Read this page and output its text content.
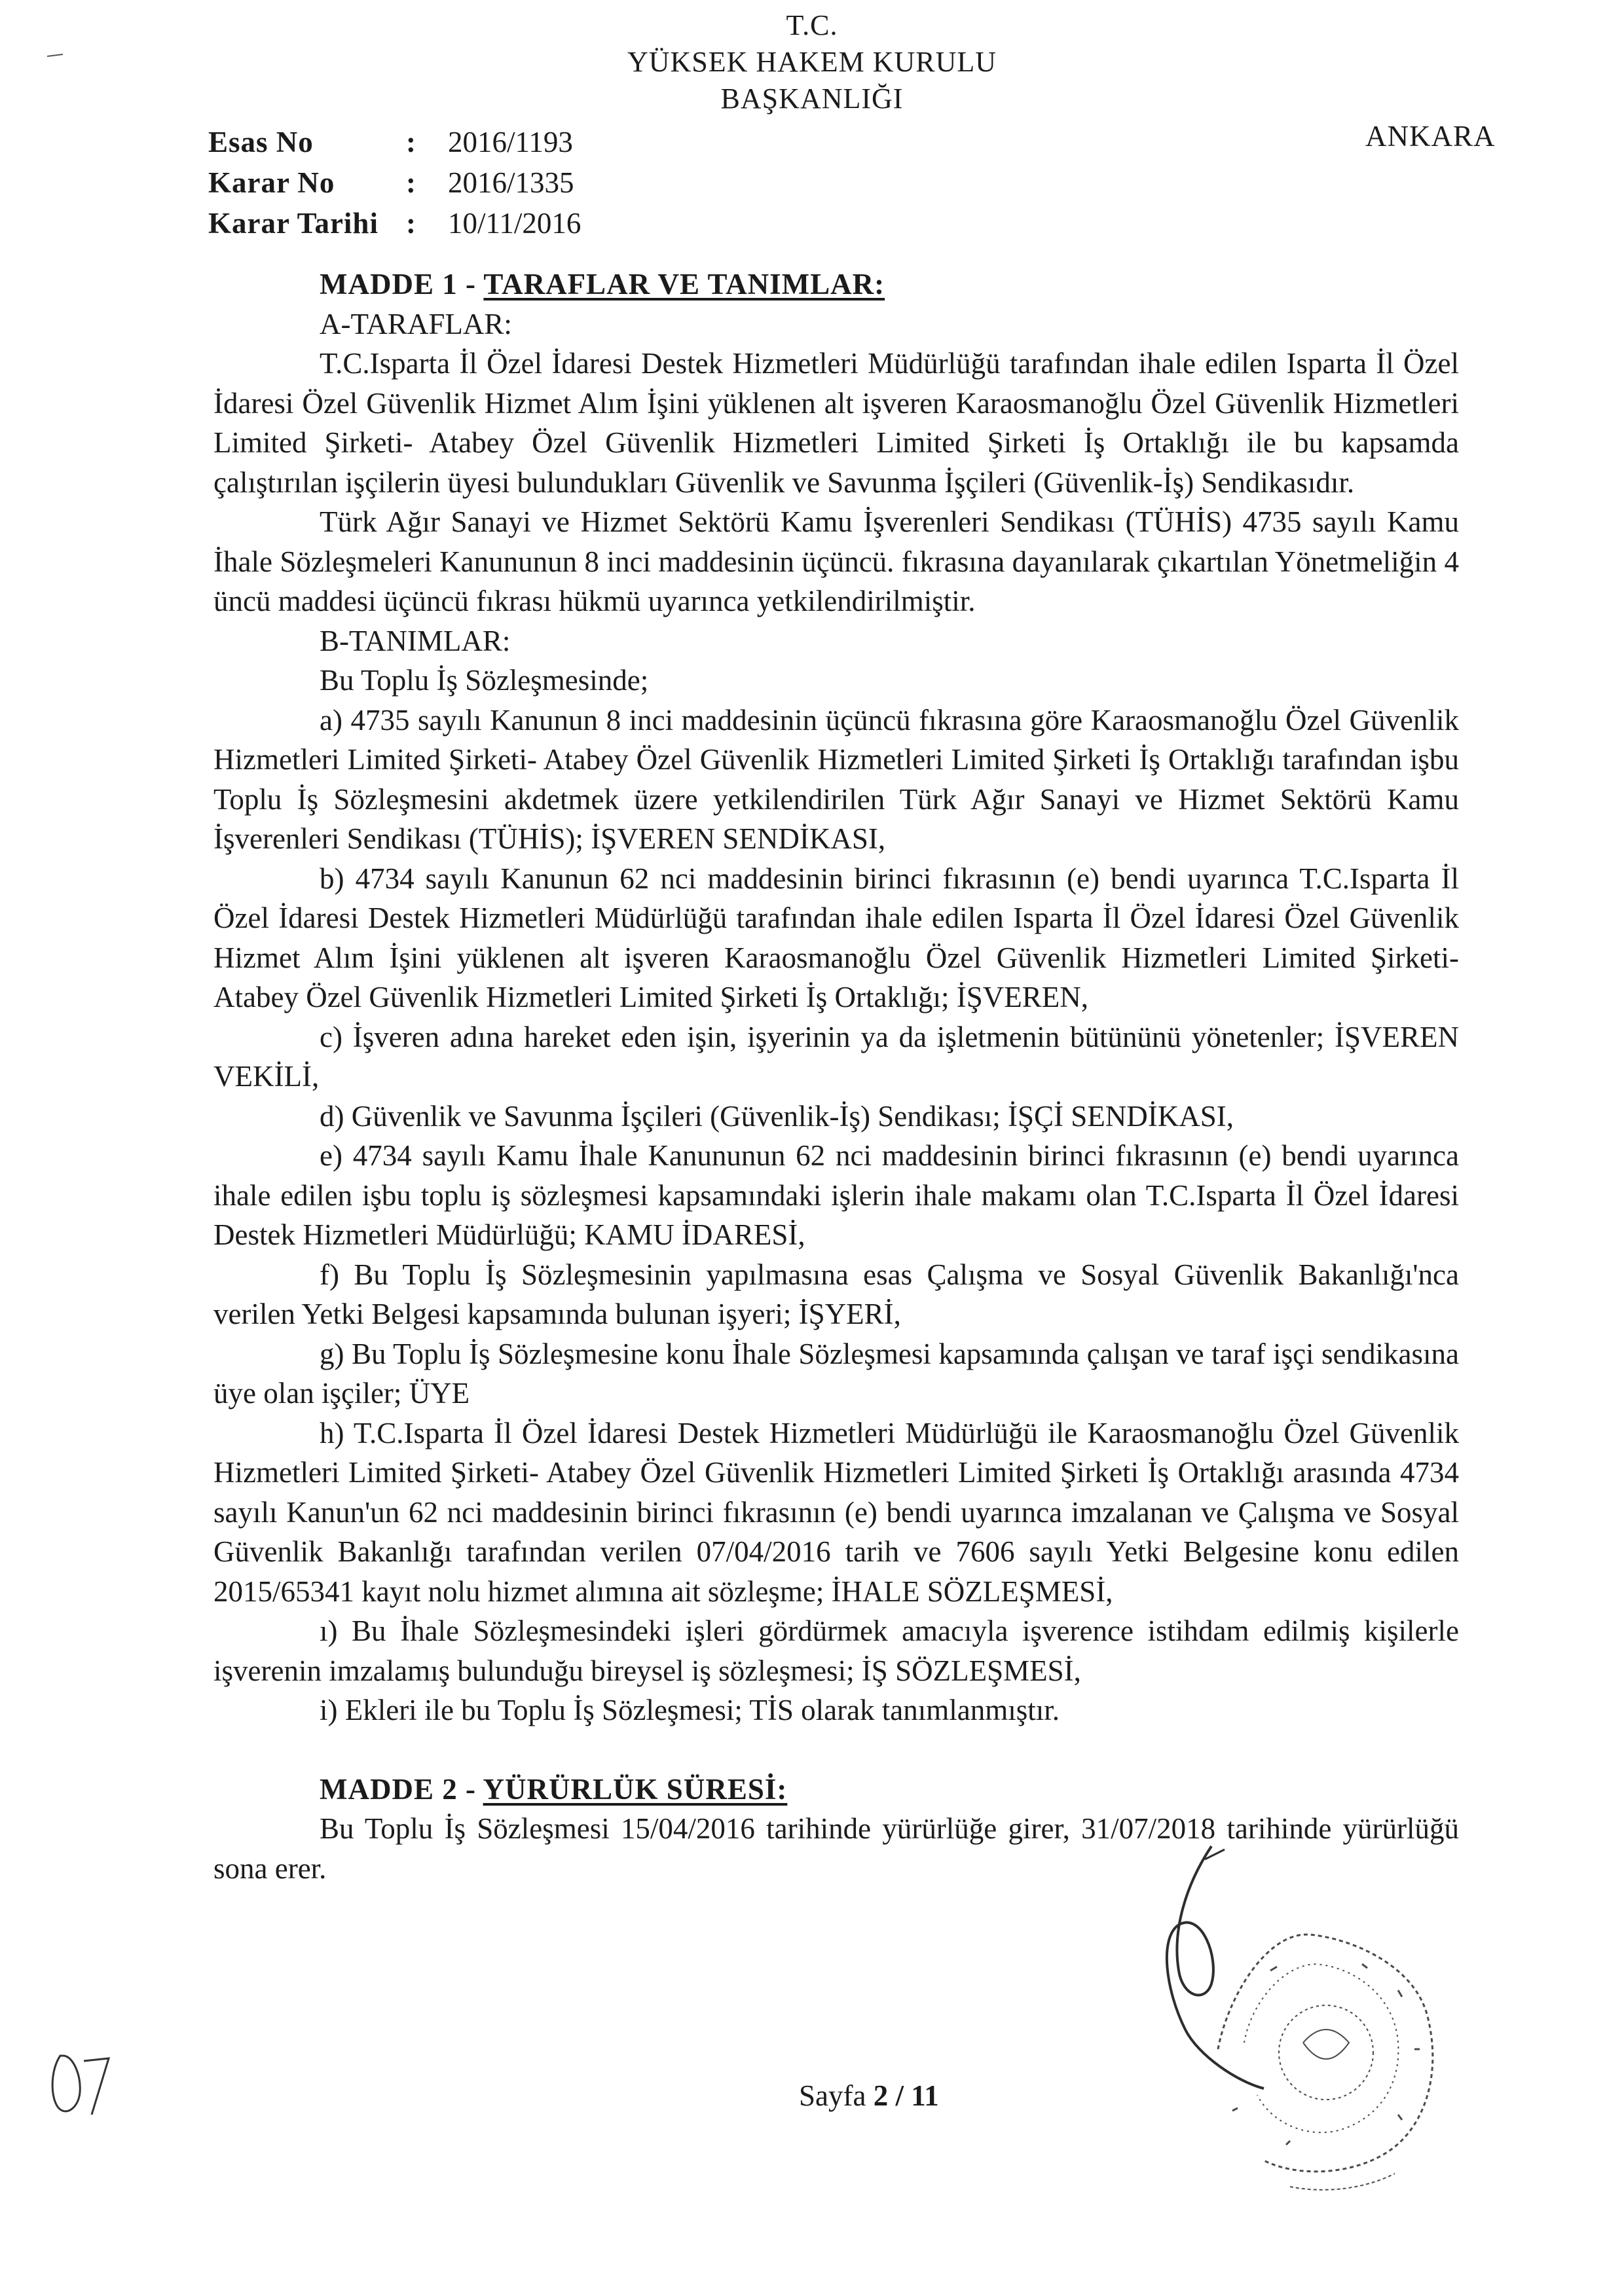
T.C.
YÜKSEK HAKEM KURULU
BAŞKANLIĞI
ANKARA
Esas No	: 2016/1193
Karar No : 2016/1335
Karar Tarihi : 10/11/2016

MADDE 1 - TARAFLAR VE TANIMLAR:

A-TARAFLAR:

T.C.Isparta İl Özel İdaresi Destek Hizmetleri Müdürlüğü tarafından ihale edilen Isparta İl Özel İdaresi Özel Güvenlik Hizmet Alım İşini yüklenen alt işveren Karaosmanoğlu Özel Güvenlik Hizmetleri Limited Şirketi- Atabey Özel Güvenlik Hizmetleri Limited Şirketi İş Ortaklığı ile bu kapsamda çalıştırılan işçilerin üyesi bulundukları Güvenlik ve Savunma İşçileri (Güvenlik-İş) Sendikasıdır.

Türk Ağır Sanayi ve Hizmet Sektörü Kamu İşverenleri Sendikası (TÜHİS) 4735 sayılı Kamu İhale Sözleşmeleri Kanununun 8 inci maddesinin üçüncü. fıkrasına dayanılarak çıkartılan Yönetmeliğin 4 üncü maddesi üçüncü fıkrası hükmü uyarınca yetkilendirilmiştir.

B-TANIMLAR:

Bu Toplu İş Sözleşmesinde;

a) 4735 sayılı Kanunun 8 inci maddesinin üçüncü fıkrasına göre Karaosmanoğlu Özel Güvenlik Hizmetleri Limited Şirketi- Atabey Özel Güvenlik Hizmetleri Limited Şirketi İş Ortaklığı tarafından işbu Toplu İş Sözleşmesini akdetmek üzere yetkilendirilen Türk Ağır Sanayi ve Hizmet Sektörü Kamu İşverenleri Sendikası (TÜHİS); İŞVEREN SENDİKASI,

b) 4734 sayılı Kanunun 62 nci maddesinin birinci fıkrasının (e) bendi uyarınca T.C.Isparta İl Özel İdaresi Destek Hizmetleri Müdürlüğü tarafından ihale edilen Isparta İl Özel İdaresi Özel Güvenlik Hizmet Alım İşini yüklenen alt işveren Karaosmanoğlu Özel Güvenlik Hizmetleri Limited Şirketi- Atabey Özel Güvenlik Hizmetleri Limited Şirketi İş Ortaklığı; İŞVEREN,

c) İşveren adına hareket eden işin, işyerinin ya da işletmenin bütününü yönetenler; İŞVEREN VEKİLİ,

d) Güvenlik ve Savunma İşçileri (Güvenlik-İş) Sendikası; İŞÇİ SENDİKASI,

e) 4734 sayılı Kamu İhale Kanununun 62 nci maddesinin birinci fıkrasının (e) bendi uyarınca ihale edilen işbu toplu iş sözleşmesi kapsamındaki işlerin ihale makamı olan T.C.Isparta İl Özel İdaresi Destek Hizmetleri Müdürlüğü; KAMU İDARESİ,

f) Bu Toplu İş Sözleşmesinin yapılmasına esas Çalışma ve Sosyal Güvenlik Bakanlığı'nca verilen Yetki Belgesi kapsamında bulunan işyeri; İŞYERİ,

g) Bu Toplu İş Sözleşmesine konu İhale Sözleşmesi kapsamında çalışan ve taraf işçi sendikasına üye olan işçiler; ÜYE

h) T.C.Isparta İl Özel İdaresi Destek Hizmetleri Müdürlüğü ile Karaosmanoğlu Özel Güvenlik Hizmetleri Limited Şirketi- Atabey Özel Güvenlik Hizmetleri Limited Şirketi İş Ortaklığı arasında 4734 sayılı Kanun'un 62 nci maddesinin birinci fıkrasının (e) bendi uyarınca imzalanan ve Çalışma ve Sosyal Güvenlik Bakanlığı tarafından verilen 07/04/2016 tarih ve 7606 sayılı Yetki Belgesine konu edilen 2015/65341 kayıt nolu hizmet alımına ait sözleşme; İHALE SÖZLEŞMESİ,

ı) Bu İhale Sözleşmesindeki işleri gördürmek amacıyla işverence istihdam edilmiş kişilerle işverenin imzalamış bulunduğu bireysel iş sözleşmesi; İŞ SÖZLEŞMESİ,

i) Ekleri ile bu Toplu İş Sözleşmesi; TİS olarak tanımlanmıştır.

MADDE 2 - YÜRÜRLÜK SÜRESİ:

Bu Toplu İş Sözleşmesi 15/04/2016 tarihinde yürürlüğe girer, 31/07/2018 tarihinde yürürlüğü sona erer.

Sayfa 2 / 11
